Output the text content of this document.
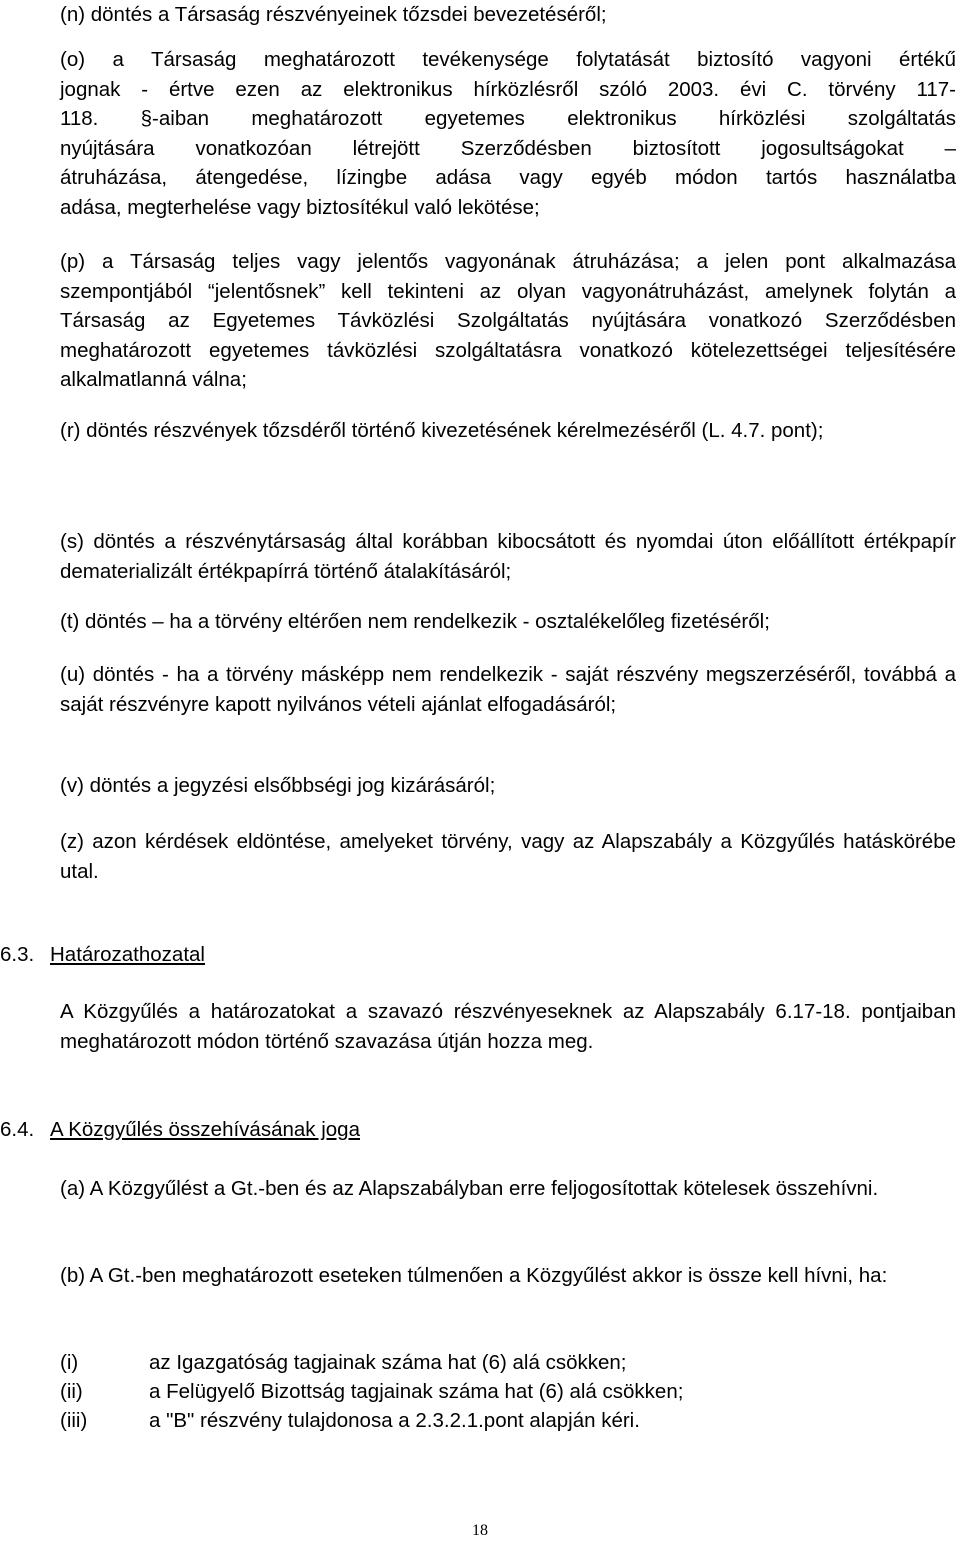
(n) döntés a Társaság részvényeinek tőzsdei bevezetéséről;

(o) a Társaság meghatározott tevékenysége folytatását biztosító vagyoni értékű
jognak - értve ezen az elektronikus hírközlésről szóló 2003. évi C. törvény 117-
118. §-aiban meghatározott egyetemes elektronikus hírközlési szolgáltatás
nyújtására vonatkozóan létrejött Szerződésben biztosított jogosultságokat –
átruházása, átengedése, lízingbe adása vagy egyéb módon tartós használatba
adása, megterhelése vagy biztosítékul való lekötése;

(p) a Társaság teljes vagy jelentős vagyonának átruházása; a jelen pont alkalmazása szempontjából “jelentősnek” kell tekinteni az olyan vagyonátruházást, amelynek folytán a Társaság az Egyetemes Távközlési Szolgáltatás nyújtására vonatkozó Szerződésben meghatározott egyetemes távközlési szolgáltatásra vonatkozó kötelezettségei teljesítésére alkalmatlanná válna;

(r) döntés részvények tőzsdéről történő kivezetésének kérelmezéséről (L. 4.7. pont);

(s) döntés a részvénytársaság által korábban kibocsátott és nyomdai úton előállított értékpapír dematerializált értékpapírrá történő átalakításáról;

(t) döntés – ha a törvény eltérően nem rendelkezik - osztalékelőleg fizetéséről;

(u) döntés - ha a törvény másképp nem rendelkezik - saját részvény megszerzéséről, továbbá a saját részvényre kapott nyilvános vételi ajánlat elfogadásáról;

(v) döntés a jegyzési elsőbbségi jog kizárásáról;

(z) azon kérdések eldöntése, amelyeket törvény, vagy az Alapszabály a Közgyűlés hatáskörébe utal.

6.3. Határozathozatal

A Közgyűlés a határozatokat a szavazó részvényeseknek az Alapszabály 6.17-18. pontjaiban meghatározott módon történő szavazása útján hozza meg.

6.4. A Közgyűlés összehívásának joga

(a) A Közgyűlést a Gt.-ben és az Alapszabályban erre feljogosítottak kötelesek összehívni.

(b) A Gt.-ben meghatározott eseteken túlmenően a Közgyűlést akkor is össze kell hívni, ha:

(i)	az Igazgatóság tagjainak száma hat (6) alá csökken;
(ii)	a Felügyelő Bizottság tagjainak száma hat (6) alá csökken;
(iii)	a "B" részvény tulajdonosa a 2.3.2.1.pont alapján kéri.
18
